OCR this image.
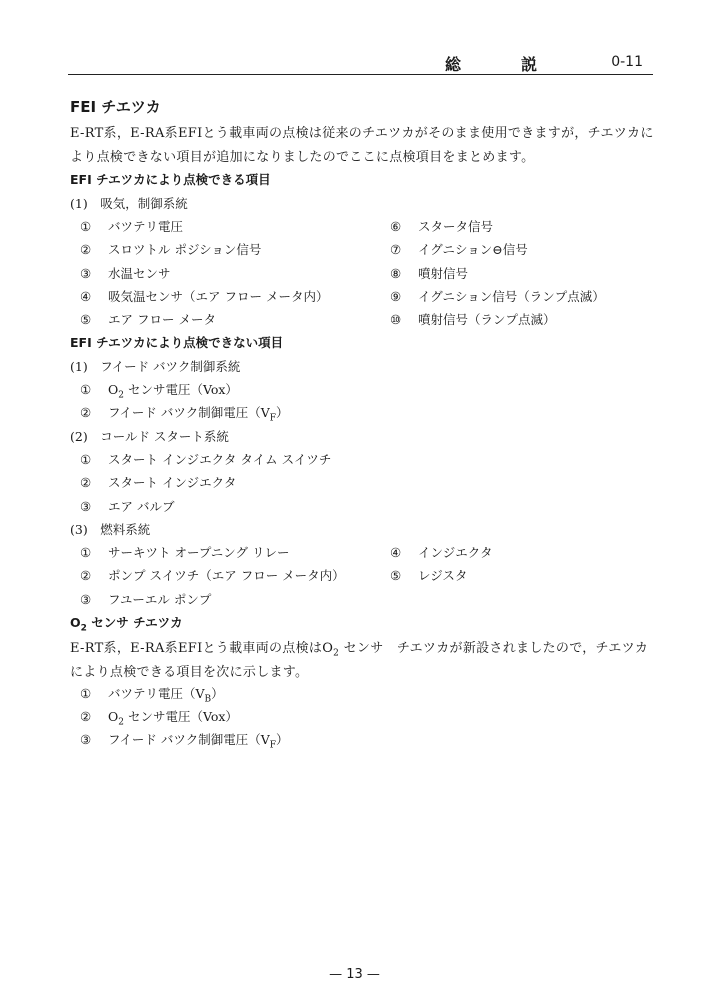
総　説	0-11
FEI チエツカ
E-RT系，E-RA系EFIとう載車両の点検は従来のチエツカがそのまま使用できますが，チエツカに
より点検できない項目が追加になりましたのでここに点検項目をまとめます。
EFI チエツカにより点検できる項目
(1)　吸気，制御系統
① バツテリ電圧
② スロツトル ポジション信号
③ 水温センサ
④ 吸気温センサ（エア フロー メータ内）
⑤ エア フロー メータ
⑥ スタータ信号
⑦ イグニション⊖信号
⑧ 噴射信号
⑨ イグニション信号（ランプ点滅）
⑩ 噴射信号（ランプ点滅）
EFI チエツカにより点検できない項目
(1)　フイード バツク制御系統
① $O_2$ センサ電圧（Vox）
② フイード バツク制御電圧$(V_F)$
(2)　コールド スタート系統
① スタート インジエクタ タイム スイツチ
② スタート インジエクタ
③ エア バルブ
(3)　燃料系統
① サーキツト オープニング リレー
② ポンプ スイツチ（エア フロー メータ内）
③ フユーエル ポンプ
④ インジエクタ
⑤ レジスタ
$O_2$ センサ チエツカ
E-RT系，E-RA系EFIとう載車両の点検は$O_2$ センサ　チエツカが新設されましたので，チエツカ
により点検できる項目を次に示します。
① バツテリ電圧$(V_B)$
② $O_2$ センサ電圧（Vox）
③ フイード バツク制御電圧$(V_F)$
— 13 —
